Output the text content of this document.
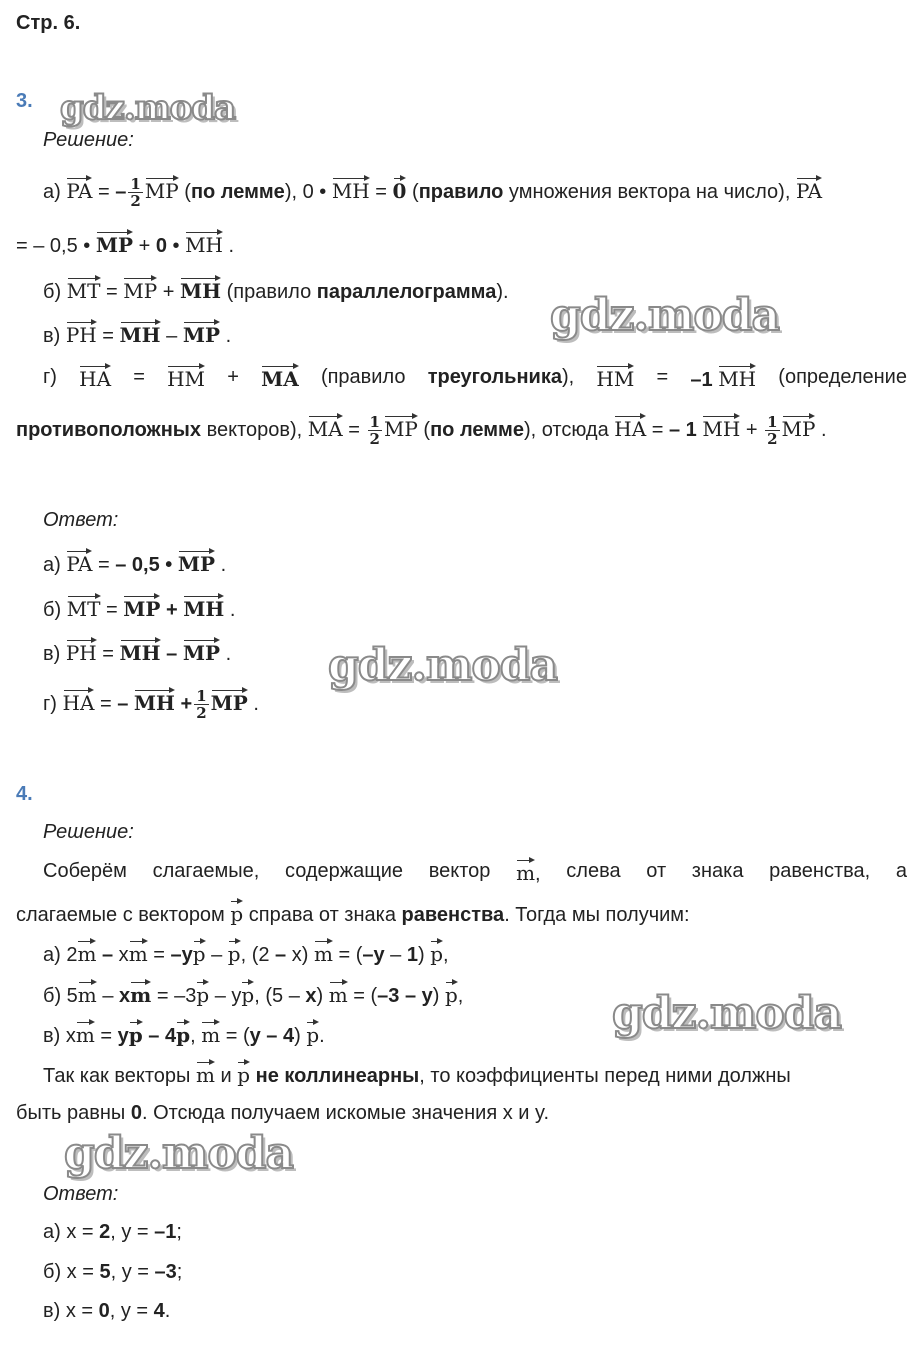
Стр. 6.
3.
Решение:
а) PA = – $\frac{1}{2}$ MP (по лемме), 0 • MH = 0 (правило умножения вектора на число), PA
= – 0,5 • MP + 0 • MH .
б) MT = MP + MH (правило параллелограмма).
в) PH = MH – MP .
г) HA = HM + MA (правило треугольника), HM = –1 MH (определение
противоположных векторов), MA = $\frac{1}{2}$ MP (по лемме), отсюда HA = – 1 MH + $\frac{1}{2}$ MP .
Ответ:
а) PA = – 0,5 • MP .
б) MT = MP + MH .
в) PH = MH – MP .
г) HA = – MH + $\frac{1}{2}$ MP .
4.
Решение:
Соберём слагаемые, содержащие вектор m, слева от знака равенства, а
слагаемые с вектором p справа от знака равенства. Тогда мы получим:
а) 2m – xm = –yp – p, (2 – x) m = (–y – 1) p,
б) 5m – xm = –3p – yp, (5 – x) m = (–3 – y) p,
в) xm = yp – 4p, m = (y – 4) p.
Так как векторы m и p не коллинеарны, то коэффициенты перед ними должны
быть равны 0. Отсюда получаем искомые значения x и y.
Ответ:
а) x = 2, y = –1;
б) x = 5, y = –3;
в) x = 0, y = 4.
gdz.moda
gdz.moda
gdz.moda
gdz.moda
gdz.moda
